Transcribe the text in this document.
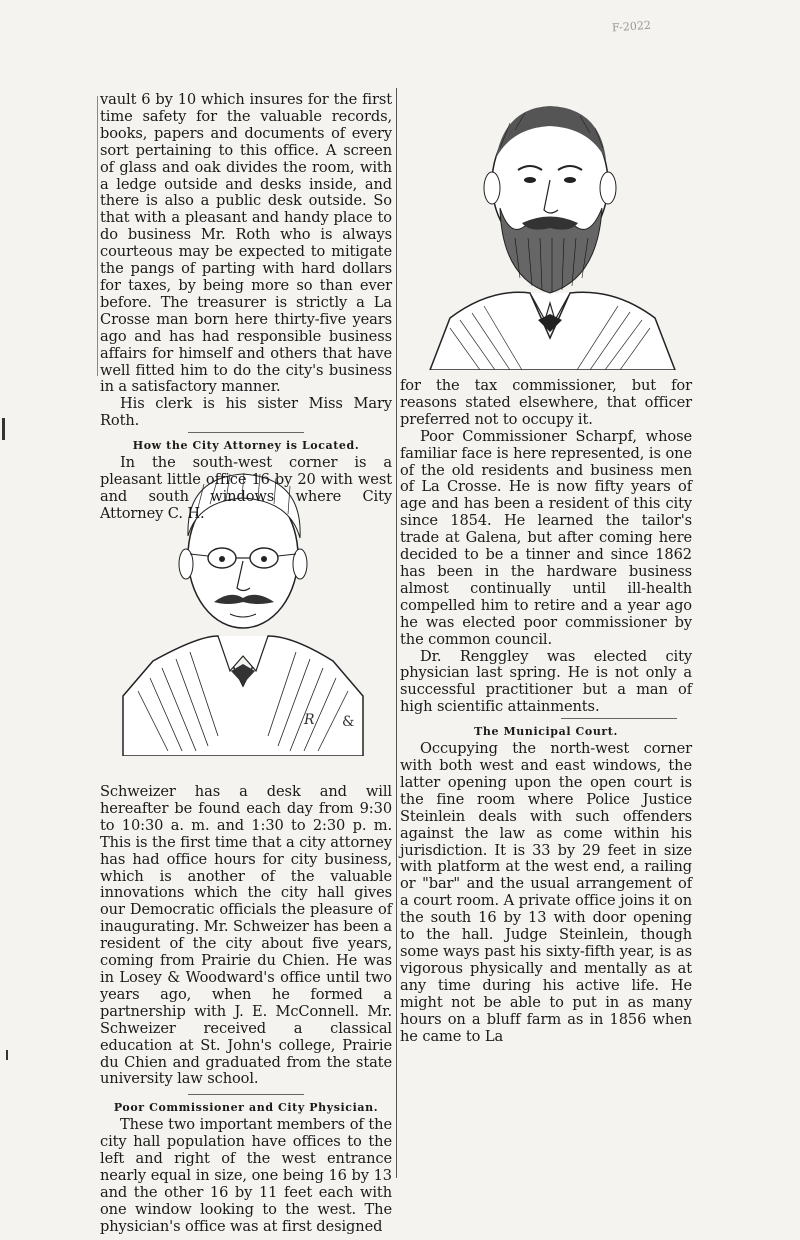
F-2022
R &

vault 6 by 10 which insures for the first time safety for the valuable records, books, papers and documents of every sort pertaining to this office. A screen of glass and oak divides the room, with a ledge outside and desks inside, and there is also a public desk outside. So that with a pleasant and handy place to do business Mr. Roth who is always courteous may be expected to mitigate the pangs of parting with hard dollars for taxes, by being more so than ever before. The treasurer is strictly a La Crosse man born here thirty-five years ago and has had responsible business affairs for himself and others that have well fitted him to do the city's business in a satisfactory manner.

His clerk is his sister Miss Mary Roth.

How the City Attorney is Located.

In the south-west corner is a pleasant little office 16 by 20 with west and south windows where City Attorney C. H.

Schweizer has a desk and will hereafter be found each day from 9:30 to 10:30 a. m. and 1:30 to 2:30 p. m. This is the first time that a city attorney has had office hours for city business, which is another of the valuable innovations which the city hall gives our Democratic officials the pleasure of inaugurating. Mr. Schweizer has been a resident of the city about five years, coming from Prairie du Chien. He was in Losey & Woodward's office until two years ago, when he formed a partnership with J. E. McConnell. Mr. Schweizer received a classical education at St. John's college, Prairie du Chien and graduated from the state university law school.

Poor Commissioner and City Physician.

These two important members of the city hall population have offices to the left and right of the west entrance nearly equal in size, one being 16 by 13 and the other 16 by 11 feet each with one window looking to the west. The physician's office was at first designed

for the tax commissioner, but for reasons stated elsewhere, that officer preferred not to occupy it.

Poor Commissioner Scharpf, whose familiar face is here represented, is one of the old residents and business men of La Crosse. He is now fifty years of age and has been a resident of this city since 1854. He learned the tailor's trade at Galena, but after coming here decided to be a tinner and since 1862 has been in the hardware business almost continually until ill-health compelled him to retire and a year ago he was elected poor commissioner by the common council.

Dr. Renggley was elected city physician last spring. He is not only a successful practitioner but a man of high scientific attainments.

The Municipal Court.

Occupying the north-west corner with both west and east windows, the latter opening upon the open court is the fine room where Police Justice Steinlein deals with such offenders against the law as come within his jurisdiction. It is 33 by 29 feet in size with platform at the west end, a railing or "bar" and the usual arrangement of a court room. A private office joins it on the south 16 by 13 with door opening to the hall. Judge Steinlein, though some ways past his sixty-fifth year, is as vigorous physically and mentally as at any time during his active life. He might not be able to put in as many hours on a bluff farm as in 1856 when he came to La
